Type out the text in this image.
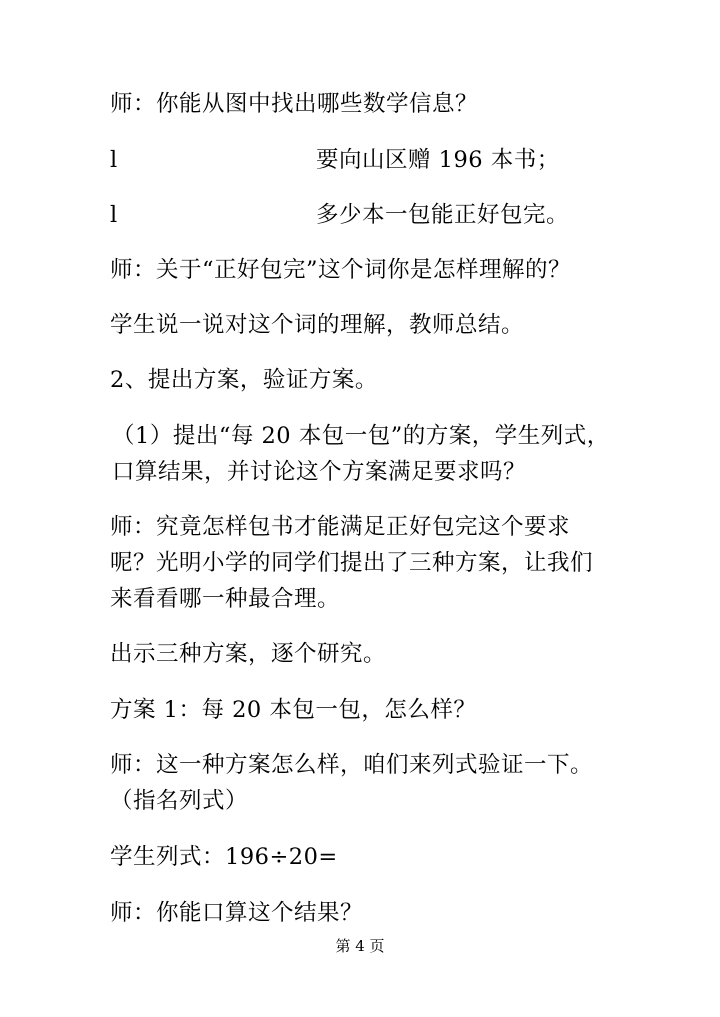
师：你能从图中找出哪些数学信息？
l	要向山区赠 196 本书；
l	多少本一包能正好包完。
师：关于“正好包完”这个词你是怎样理解的？
学生说一说对这个词的理解，教师总结。
2、提出方案，验证方案。
（1）提出“每 20 本包一包”的方案，学生列式，口算结果，并讨论这个方案满足要求吗？
师：究竟怎样包书才能满足正好包完这个要求呢？光明小学的同学们提出了三种方案，让我们来看看哪一种最合理。
出示三种方案，逐个研究。
方案 1：每 20 本包一包，怎么样？
师：这一种方案怎么样，咱们来列式验证一下。（指名列式）
学生列式：196÷20=
师：你能口算这个结果？
第 4 页
